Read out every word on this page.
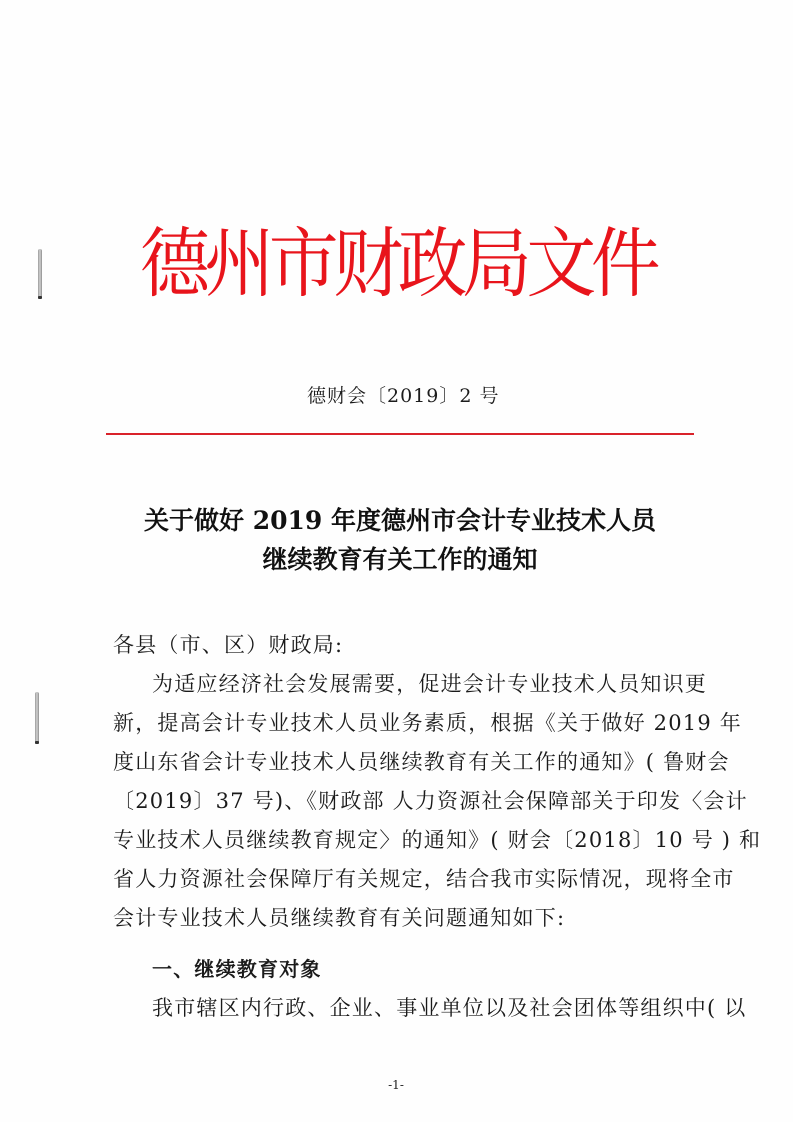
德州市财政局文件
德财会〔2019〕2 号
关于做好 2019 年度德州市会计专业技术人员
继续教育有关工作的通知
各县（市、区）财政局:
为适应经济社会发展需要，促进会计专业技术人员知识更
新，提高会计专业技术人员业务素质，根据《关于做好 2019 年
度山东省会计专业技术人员继续教育有关工作的通知》( 鲁财会
〔2019〕37 号)、《财政部 人力资源社会保障部关于印发〈会计
专业技术人员继续教育规定〉的通知》( 财会〔2018〕10 号 ) 和
省人力资源社会保障厅有关规定，结合我市实际情况，现将全市
会计专业技术人员继续教育有关问题通知如下:
一、继续教育对象
我市辖区内行政、企业、事业单位以及社会团体等组织中( 以
-1-
